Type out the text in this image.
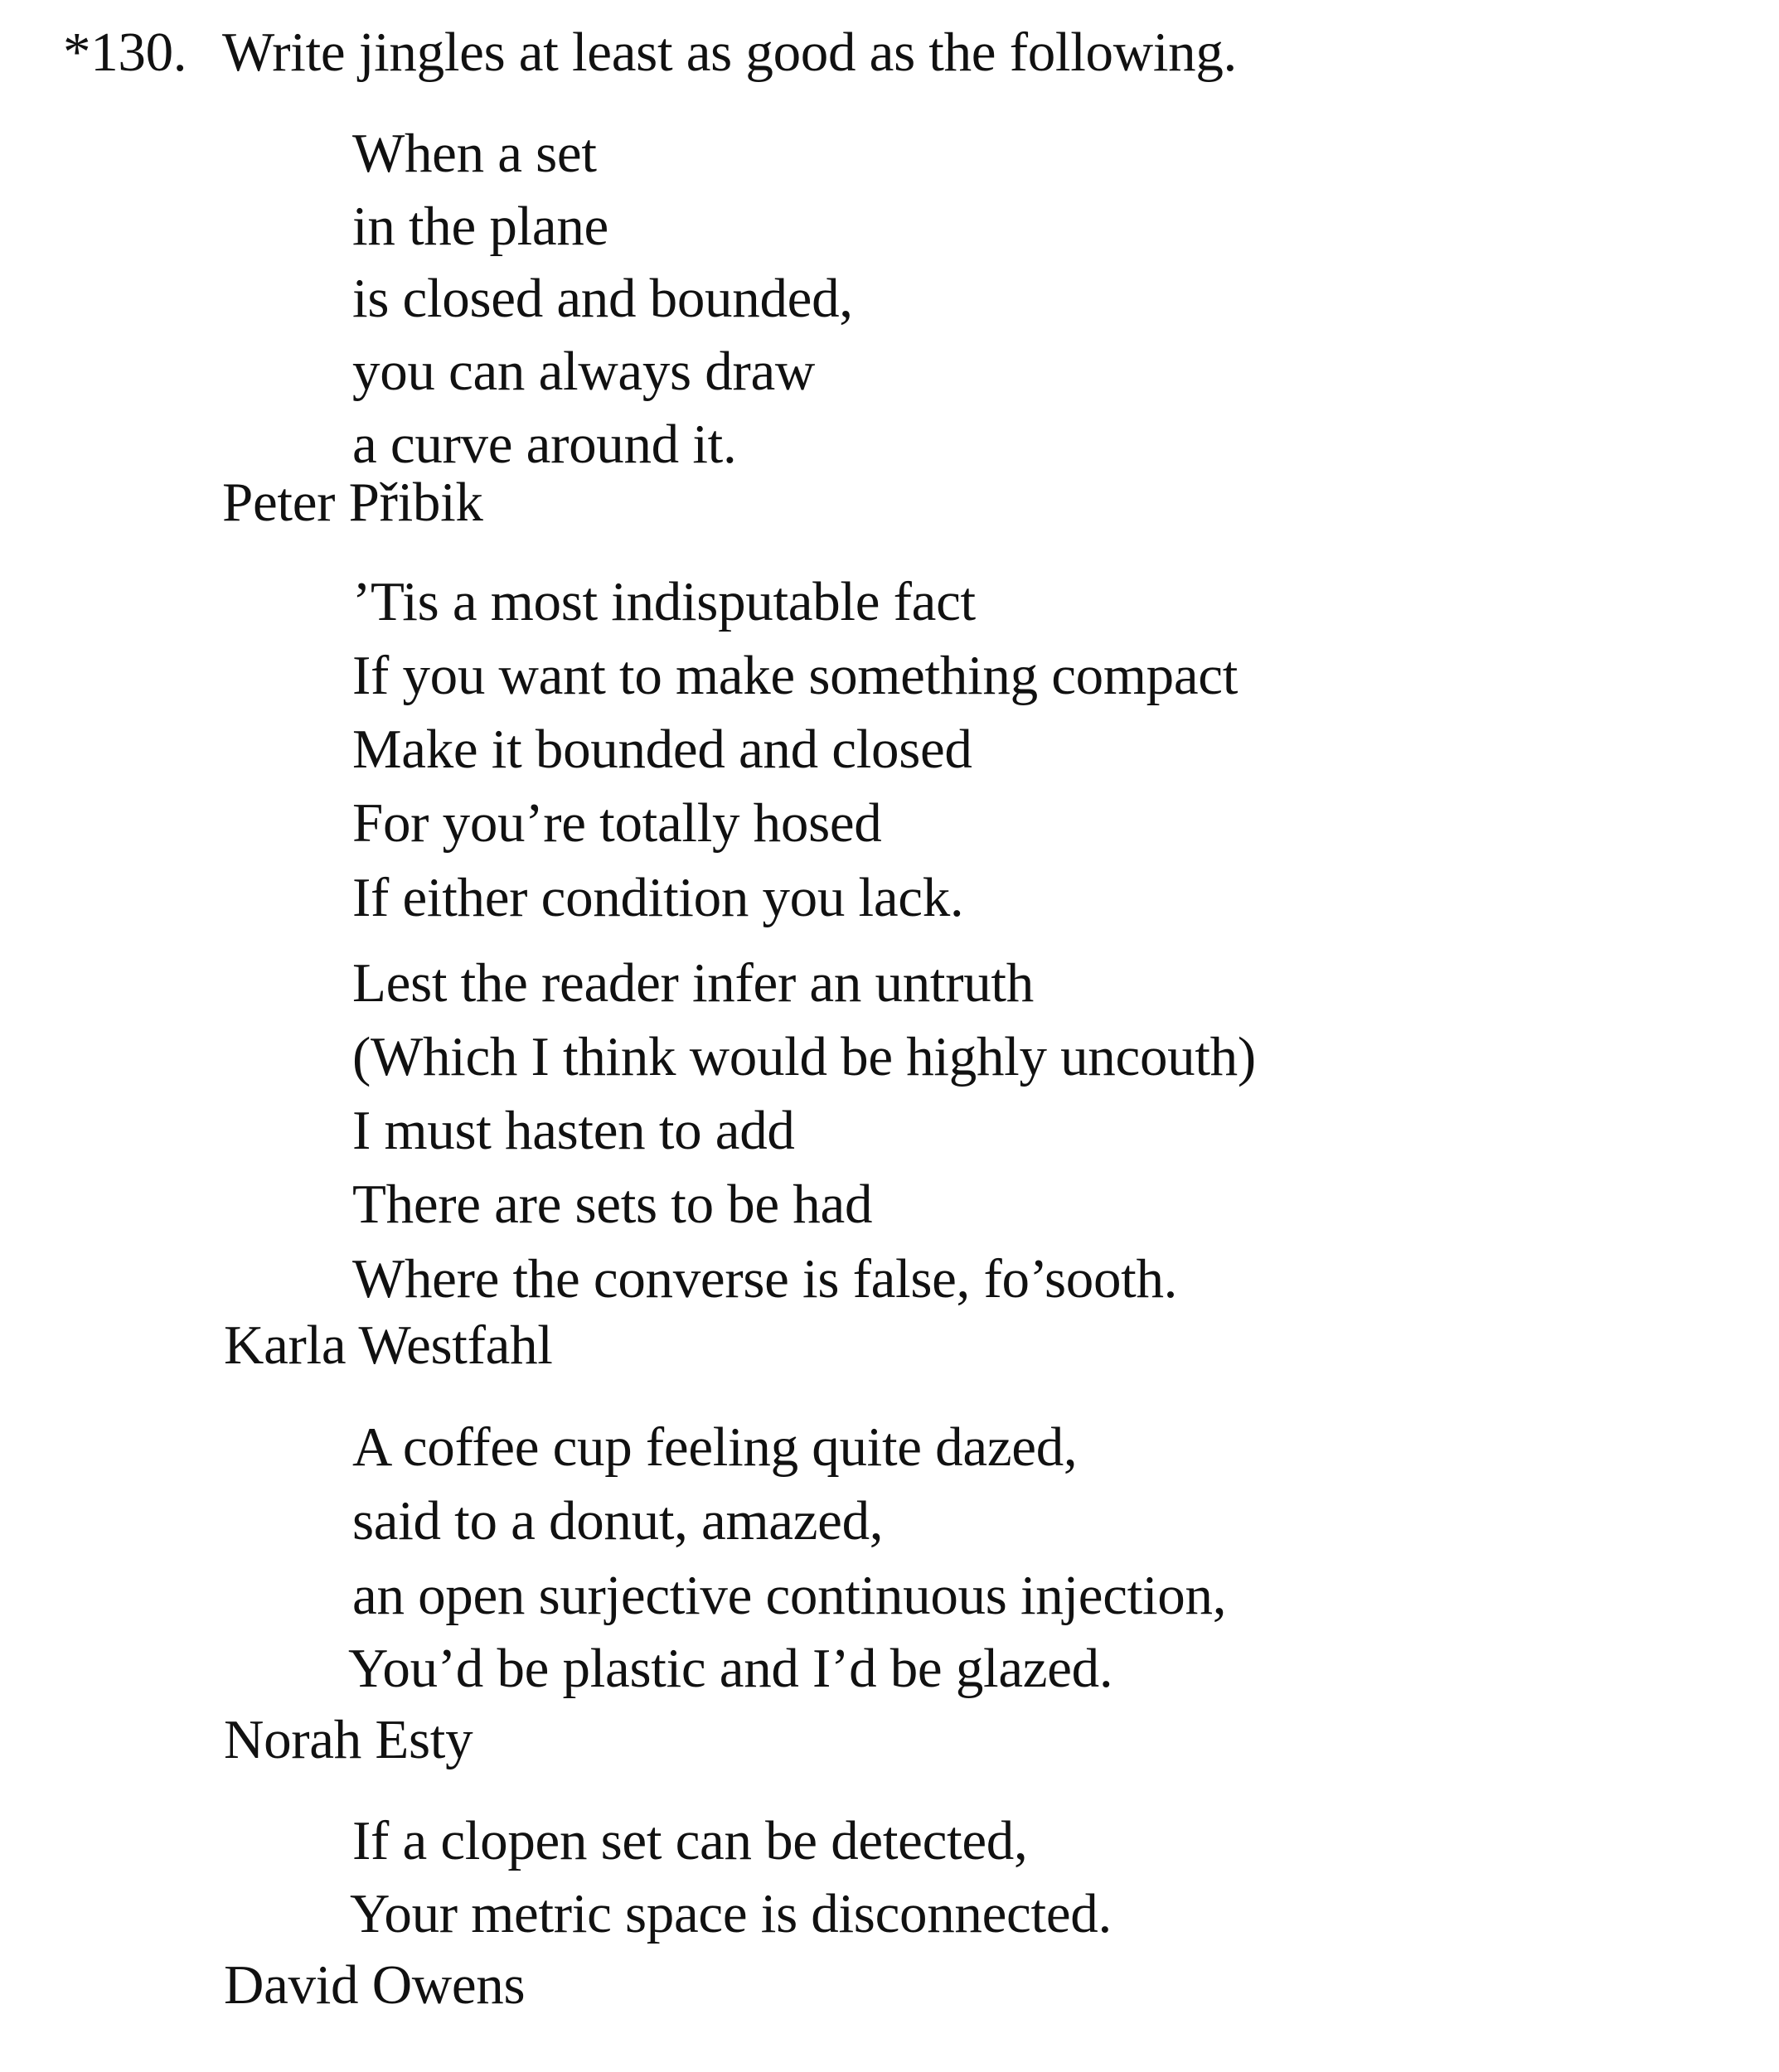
*130. Write jingles at least as good as the following.
When a set
in the plane
is closed and bounded,
you can always draw
a curve around it.
Peter Přibik
’Tis a most indisputable fact
If you want to make something compact
Make it bounded and closed
For you’re totally hosed
If either condition you lack.
Lest the reader infer an untruth
(Which I think would be highly uncouth)
I must hasten to add
There are sets to be had
Where the converse is false, fo’sooth.
Karla Westfahl
A coffee cup feeling quite dazed,
said to a donut, amazed,
an open surjective continuous injection,
You’d be plastic and I’d be glazed.
Norah Esty
If a clopen set can be detected,
Your metric space is disconnected.
David Owens
